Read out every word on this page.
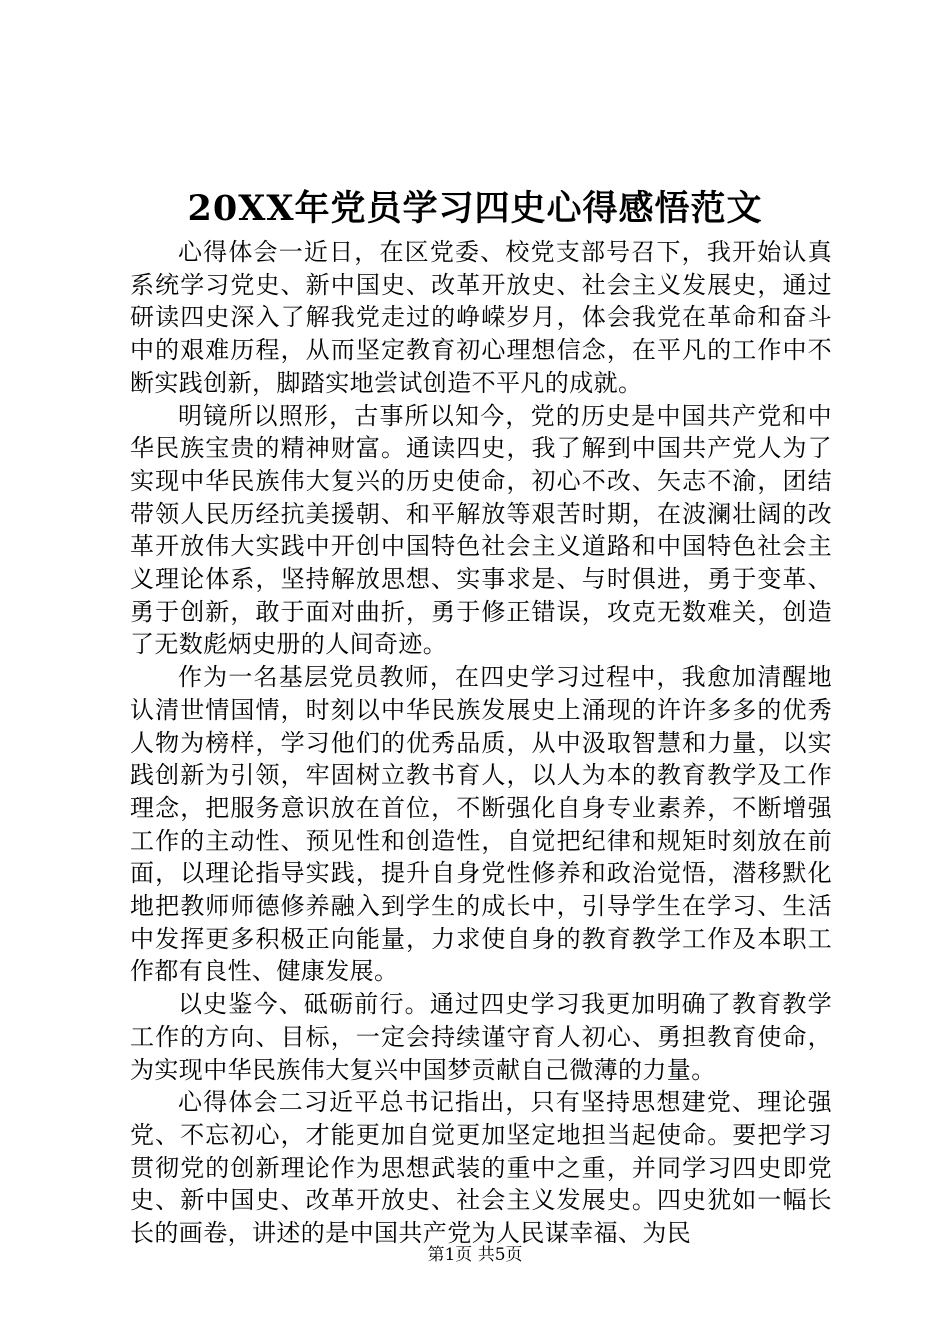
20XX年党员学习四史心得感悟范文

心得体会一近日，在区党委、校党支部号召下，我开始认真系统学习党史、新中国史、改革开放史、社会主义发展史，通过研读四史深入了解我党走过的峥嵘岁月，体会我党在革命和奋斗中的艰难历程，从而坚定教育初心理想信念，在平凡的工作中不断实践创新，脚踏实地尝试创造不平凡的成就。

明镜所以照形，古事所以知今，党的历史是中国共产党和中华民族宝贵的精神财富。通读四史，我了解到中国共产党人为了实现中华民族伟大复兴的历史使命，初心不改、矢志不渝，团结带领人民历经抗美援朝、和平解放等艰苦时期，在波澜壮阔的改革开放伟大实践中开创中国特色社会主义道路和中国特色社会主义理论体系，坚持解放思想、实事求是、与时俱进，勇于变革、勇于创新，敢于面对曲折，勇于修正错误，攻克无数难关，创造了无数彪炳史册的人间奇迹。

作为一名基层党员教师，在四史学习过程中，我愈加清醒地认清世情国情，时刻以中华民族发展史上涌现的许许多多的优秀人物为榜样，学习他们的优秀品质，从中汲取智慧和力量，以实践创新为引领，牢固树立教书育人，以人为本的教育教学及工作理念，把服务意识放在首位，不断强化自身专业素养，不断增强工作的主动性、预见性和创造性，自觉把纪律和规矩时刻放在前面，以理论指导实践，提升自身党性修养和政治觉悟，潜移默化地把教师师德修养融入到学生的成长中，引导学生在学习、生活中发挥更多积极正向能量，力求使自身的教育教学工作及本职工作都有良性、健康发展。

以史鉴今、砥砺前行。通过四史学习我更加明确了教育教学工作的方向、目标，一定会持续谨守育人初心、勇担教育使命，为实现中华民族伟大复兴中国梦贡献自己微薄的力量。

心得体会二习近平总书记指出，只有坚持思想建党、理论强党、不忘初心，才能更加自觉更加坚定地担当起使命。要把学习贯彻党的创新理论作为思想武装的重中之重，并同学习四史即党史、新中国史、改革开放史、社会主义发展史。四史犹如一幅长长的画卷，讲述的是中国共产党为人民谋幸福、为民

第1页 共5页
